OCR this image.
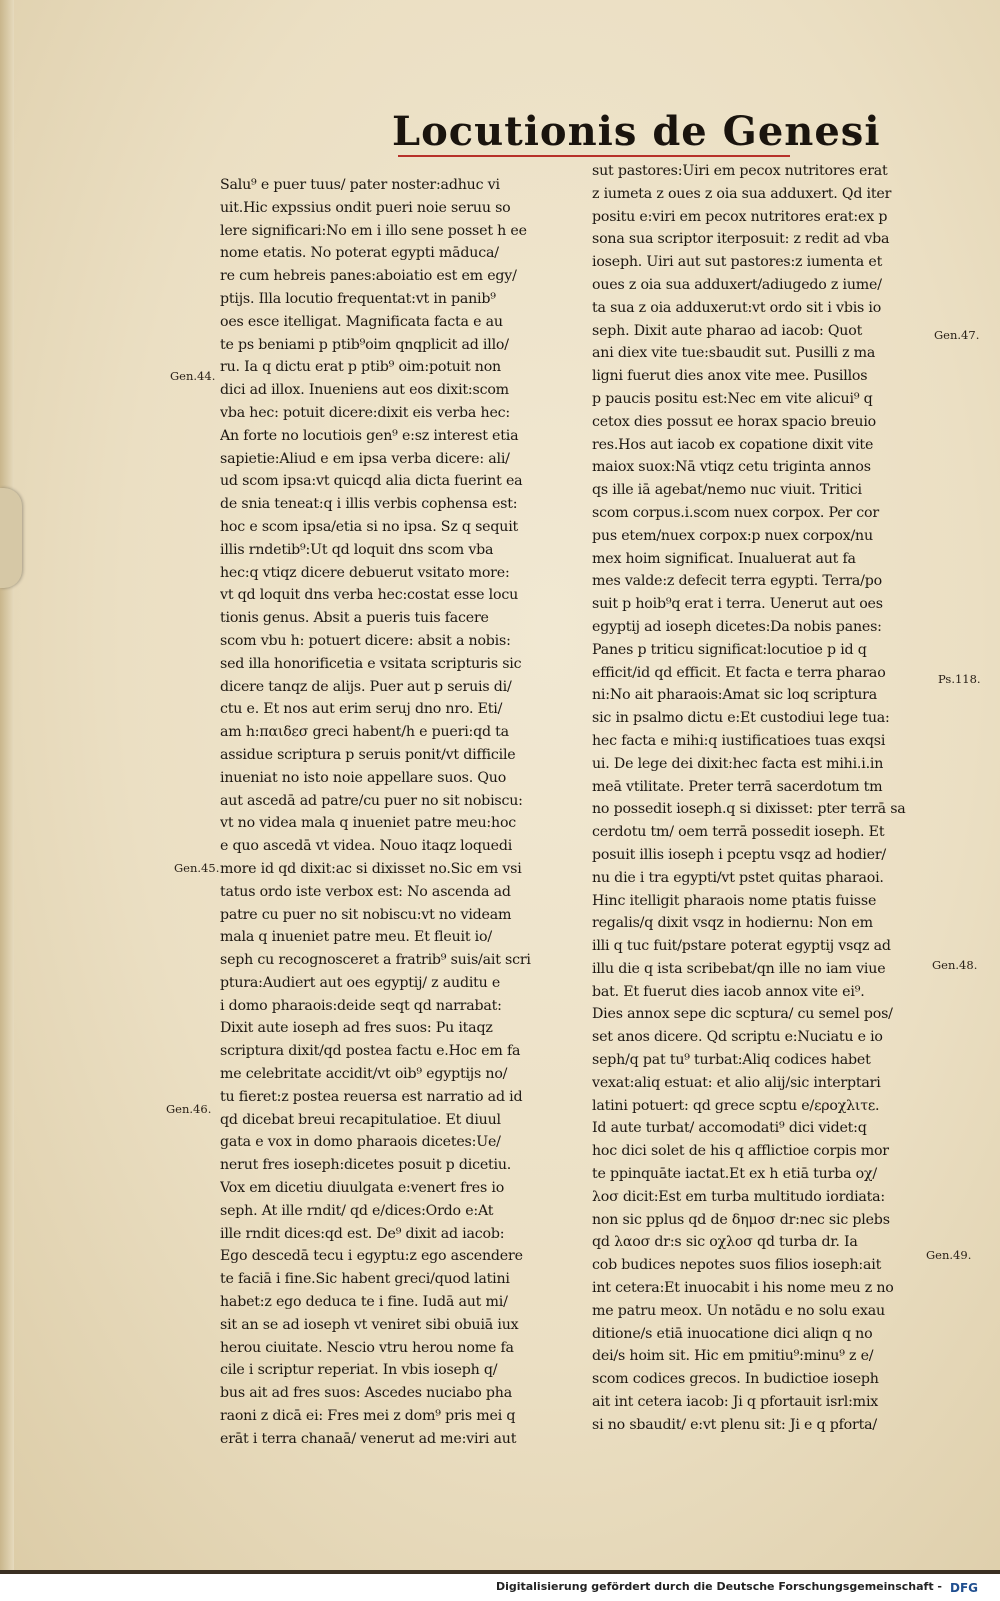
Locutionis de Genesi
Salu⁹ e puer tuus/ pater noster:adhuc vi
uit.Hic expssius ondit pueri noie seruu so
lere significari:No em i illo sene posset h ee
nome etatis. No poterat egypti māduca/
re cum hebreis panes:aboiatio est em egy/
ptijs. Illa locutio frequentat:vt in panib⁹
oes esce itelligat. Magnificata facta e au
te ps beniami p ptib⁹oim qnqplicit ad illo/
ru. Ia q dictu erat p ptib⁹ oim:potuit non
dici ad illox. Inueniens aut eos dixit:scom
vba hec: potuit dicere:dixit eis verba hec:
An forte no locutiois gen⁹ e:sz interest etia
sapietie:Aliud e em ipsa verba dicere: ali/
ud scom ipsa:vt quicqd alia dicta fuerint ea
de snia teneat:q i illis verbis cophensa est:
hoc e scom ipsa/etia si no ipsa. Sz q sequit
illis rndetib⁹:Ut qd loquit dns scom vba
hec:q vtiqz dicere debuerut vsitato more:
vt qd loquit dns verba hec:costat esse locu
tionis genus. Absit a pueris tuis facere
scom vbu h: potuert dicere: absit a nobis:
sed illa honorificetia e vsitata scripturis sic
dicere tanqz de alijs. Puer aut p seruis di/
ctu e. Et nos aut erim seruj dno nro. Eti/
am h:παιδεσ greci habent/h e pueri:qd ta
assidue scriptura p seruis ponit/vt difficile
inueniat no isto noie appellare suos. Quo
aut ascedā ad patre/cu puer no sit nobiscu:
vt no videa mala q inueniet patre meu:hoc
e quo ascedā vt videa. Nouo itaqz loquedi
more id qd dixit:ac si dixisset no.Sic em vsi
tatus ordo iste verbox est: No ascenda ad
patre cu puer no sit nobiscu:vt no videam
mala q inueniet patre meu. Et fleuit io/
seph cu recognosceret a fratrib⁹ suis/ait scri
ptura:Audiert aut oes egyptij/ z auditu e
i domo pharaois:deide seqt qd narrabat:
Dixit aute ioseph ad fres suos: Pu itaqz
scriptura dixit/qd postea factu e.Hoc em fa
me celebritate accidit/vt oib⁹ egyptijs no/
tu fieret:z postea reuersa est narratio ad id
qd dicebat breui recapitulatioe. Et diuul
gata e vox in domo pharaois dicetes:Ue/
nerut fres ioseph:dicetes posuit p dicetiu.
Vox em dicetiu diuulgata e:venert fres io
seph. At ille rndit/ qd e/dices:Ordo e:At
ille rndit dices:qd est. De⁹ dixit ad iacob:
Ego descedā tecu i egyptu:z ego ascendere
te faciā i fine.Sic habent greci/quod latini
habet:z ego deduca te i fine. Iudā aut mi/
sit an se ad ioseph vt veniret sibi obuiā iux
herou ciuitate. Nescio vtru herou nome fa
cile i scriptur reperiat. In vbis ioseph q/
bus ait ad fres suos: Ascedes nuciabo pha
raoni z dicā ei: Fres mei z dom⁹ pris mei q
erāt i terra chanaā/ venerut ad me:viri aut
sut pastores:Uiri em pecox nutritores erat
z iumeta z oues z oia sua adduxert. Qd iter
positu e:viri em pecox nutritores erat:ex p
sona sua scriptor iterposuit: z redit ad vba
ioseph. Uiri aut sut pastores:z iumenta et
oues z oia sua adduxert/adiugedo z iume/
ta sua z oia adduxerut:vt ordo sit i vbis io
seph. Dixit aute pharao ad iacob: Quot
ani diex vite tue:sbaudit sut. Pusilli z ma
ligni fuerut dies anox vite mee. Pusillos
p paucis positu est:Nec em vite alicui⁹ q
cetox dies possut ee horax spacio breuio
res.Hos aut iacob ex copatione dixit vite
maiox suox:Nā vtiqz cetu triginta annos
qs ille iā agebat/nemo nuc viuit. Tritici
scom corpus.i.scom nuex corpox. Per cor
pus etem/nuex corpox:p nuex corpox/nu
mex hoim significat. Inualuerat aut fa
mes valde:z defecit terra egypti. Terra/po
suit p hoib⁹q erat i terra. Uenerut aut oes
egyptij ad ioseph dicetes:Da nobis panes:
Panes p triticu significat:locutioe p id q
efficit/id qd efficit. Et facta e terra pharao
ni:No ait pharaois:Amat sic loq scriptura
sic in psalmo dictu e:Et custodiui lege tua:
hec facta e mihi:q iustificatioes tuas exqsi
ui. De lege dei dixit:hec facta est mihi.i.in
meā vtilitate. Preter terrā sacerdotum tm
no possedit ioseph.q si dixisset: pter terrā sa
cerdotu tm/ oem terrā possedit ioseph. Et
posuit illis ioseph i pceptu vsqz ad hodier/
nu die i tra egypti/vt pstet quitas pharaoi.
Hinc itelligit pharaois nome ptatis fuisse
regalis/q dixit vsqz in hodiernu: Non em
illi q tuc fuit/pstare poterat egyptij vsqz ad
illu die q ista scribebat/qn ille no iam viue
bat. Et fuerut dies iacob annox vite ei⁹.
Dies annox sepe dic scptura/ cu semel pos/
set anos dicere. Qd scriptu e:Nuciatu e io
seph/q pat tu⁹ turbat:Aliq codices habet
vexat:aliq estuat: et alio alij/sic interptari
latini potuert: qd grece scptu e/εροχλιτε.
Id aute turbat/ accomodati⁹ dici videt:q
hoc dici solet de his q afflictioe corpis mor
te ppinquāte iactat.Et ex h etiā turba οχ/
λοσ dicit:Est em turba multitudo iordiata:
non sic pplus qd de δημοσ dr:nec sic plebs
qd λαοσ dr:s sic οχλοσ qd turba dr. Ia
cob budices nepotes suos filios ioseph:ait
int cetera:Et inuocabit i his nome meu z no
me patru meox. Un notādu e no solu exau
ditione/s etiā inuocatione dici aliqn q no
dei/s hoim sit. Hic em pmitiu⁹:minu⁹ z e/
scom codices grecos. In budictioe ioseph
ait int cetera iacob: Ji q pfortauit isrl:mix
si no sbaudit/ e:vt plenu sit: Ji e q pforta/
Gen.44.
Gen.45.
Gen.46.
Gen.47.
Ps.118.
Gen.48.
Gen.49.
Digitalisierung gefördert durch die Deutsche Forschungsgemeinschaft - DFG
